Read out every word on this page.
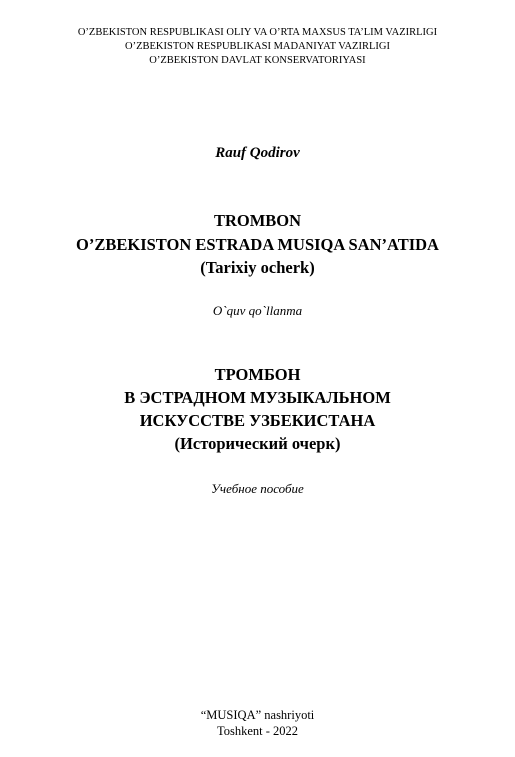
O’ZBEKISTON RESPUBLIKASI OLIY VA O’RTA MAXSUS TA’LIM VAZIRLIGI
O’ZBEKISTON RESPUBLIKASI MADANIYAT VAZIRLIGI
O’ZBEKISTON DAVLAT KONSERVATORIYASI
Rauf Qodirov
TROMBON
O’ZBEKISTON ESTRADA MUSIQA SAN’ATIDA
(Tarixiy ocherk)
O`quv qo`llanma
ТРОМБОН
В ЭСТРАДНОМ МУЗЫКАЛЬНОМ
ИСКУССТВЕ УЗБЕКИСТАНА
(Исторический очерк)
Учебное пособие
“MUSIQA” nashriyoti
Toshkent - 2022
